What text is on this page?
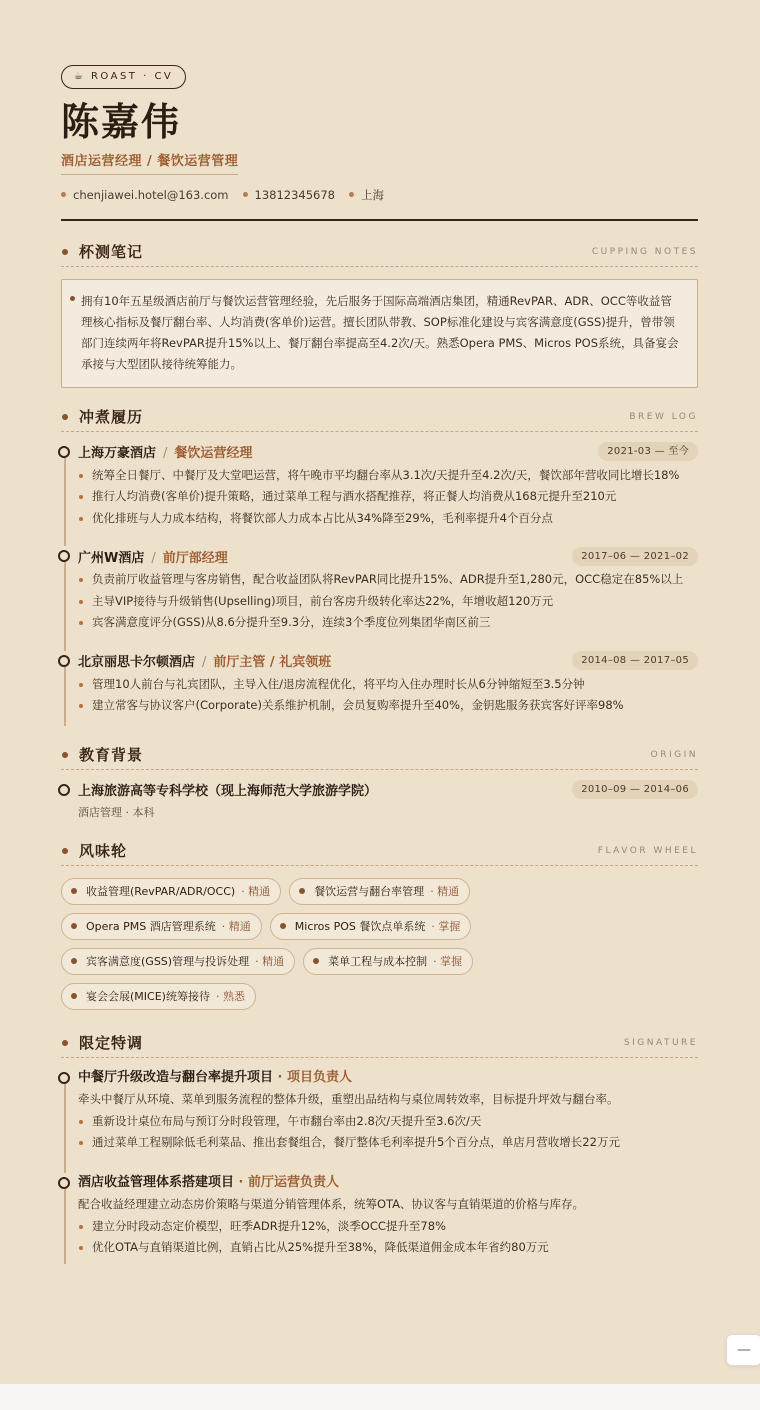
☕ ROAST · CV
陈嘉伟
酒店运营经理 / 餐饮运营管理
chenjiawei.hotel@163.com 13812345678 上海
杯测笔记	CUPPING NOTES
拥有10年五星级酒店前厅与餐饮运营管理经验，先后服务于国际高端酒店集团，精通RevPAR、ADR、OCC等收益管理核心指标及餐厅翻台率、人均消费(客单价)运营。擅长团队带教、SOP标准化建设与宾客满意度(GSS)提升，曾带领部门连续两年将RevPAR提升15%以上、餐厅翻台率提高至4.2次/天。熟悉Opera PMS、Micros POS系统，具备宴会承接与大型团队接待统筹能力。
冲煮履历	BREW LOG
上海万豪酒店 / 餐饮运营经理	2021-03 — 至今
统筹全日餐厅、中餐厅及大堂吧运营，将午晚市平均翻台率从3.1次/天提升至4.2次/天，餐饮部年营收同比增长18%
推行人均消费(客单价)提升策略，通过菜单工程与酒水搭配推荐，将正餐人均消费从168元提升至210元
优化排班与人力成本结构，将餐饮部人力成本占比从34%降至29%，毛利率提升4个百分点
广州W酒店 / 前厅部经理	2017–06 — 2021–02
负责前厅收益管理与客房销售，配合收益团队将RevPAR同比提升15%、ADR提升至1,280元，OCC稳定在85%以上
主导VIP接待与升级销售(Upselling)项目，前台客房升级转化率达22%，年增收超120万元
宾客满意度评分(GSS)从8.6分提升至9.3分，连续3个季度位列集团华南区前三
北京丽思卡尔顿酒店 / 前厅主管 / 礼宾领班	2014–08 — 2017–05
管理10人前台与礼宾团队，主导入住/退房流程优化，将平均入住办理时长从6分钟缩短至3.5分钟
建立常客与协议客户(Corporate)关系维护机制，会员复购率提升至40%，金钥匙服务获宾客好评率98%
教育背景	ORIGIN
上海旅游高等专科学校（现上海师范大学旅游学院）	2010–09 — 2014–06
酒店管理 · 本科
风味轮	FLAVOR WHEEL
收益管理(RevPAR/ADR/OCC) · 精通	餐饮运营与翻台率管理 · 精通
Opera PMS 酒店管理系统 · 精通	Micros POS 餐饮点单系统 · 掌握
宾客满意度(GSS)管理与投诉处理 · 精通	菜单工程与成本控制 · 掌握
宴会会展(MICE)统筹接待 · 熟悉
限定特调	SIGNATURE
中餐厅升级改造与翻台率提升项目 · 项目负责人
牵头中餐厅从环境、菜单到服务流程的整体升级，重塑出品结构与桌位周转效率，目标提升坪效与翻台率。
重新设计桌位布局与预订分时段管理，午市翻台率由2.8次/天提升至3.6次/天
通过菜单工程剔除低毛利菜品、推出套餐组合，餐厅整体毛利率提升5个百分点，单店月营收增长22万元
酒店收益管理体系搭建项目 · 前厅运营负责人
配合收益经理建立动态房价策略与渠道分销管理体系，统筹OTA、协议客与直销渠道的价格与库存。
建立分时段动态定价模型，旺季ADR提升12%，淡季OCC提升至78%
优化OTA与直销渠道比例，直销占比从25%提升至38%，降低渠道佣金成本年省约80万元
—
